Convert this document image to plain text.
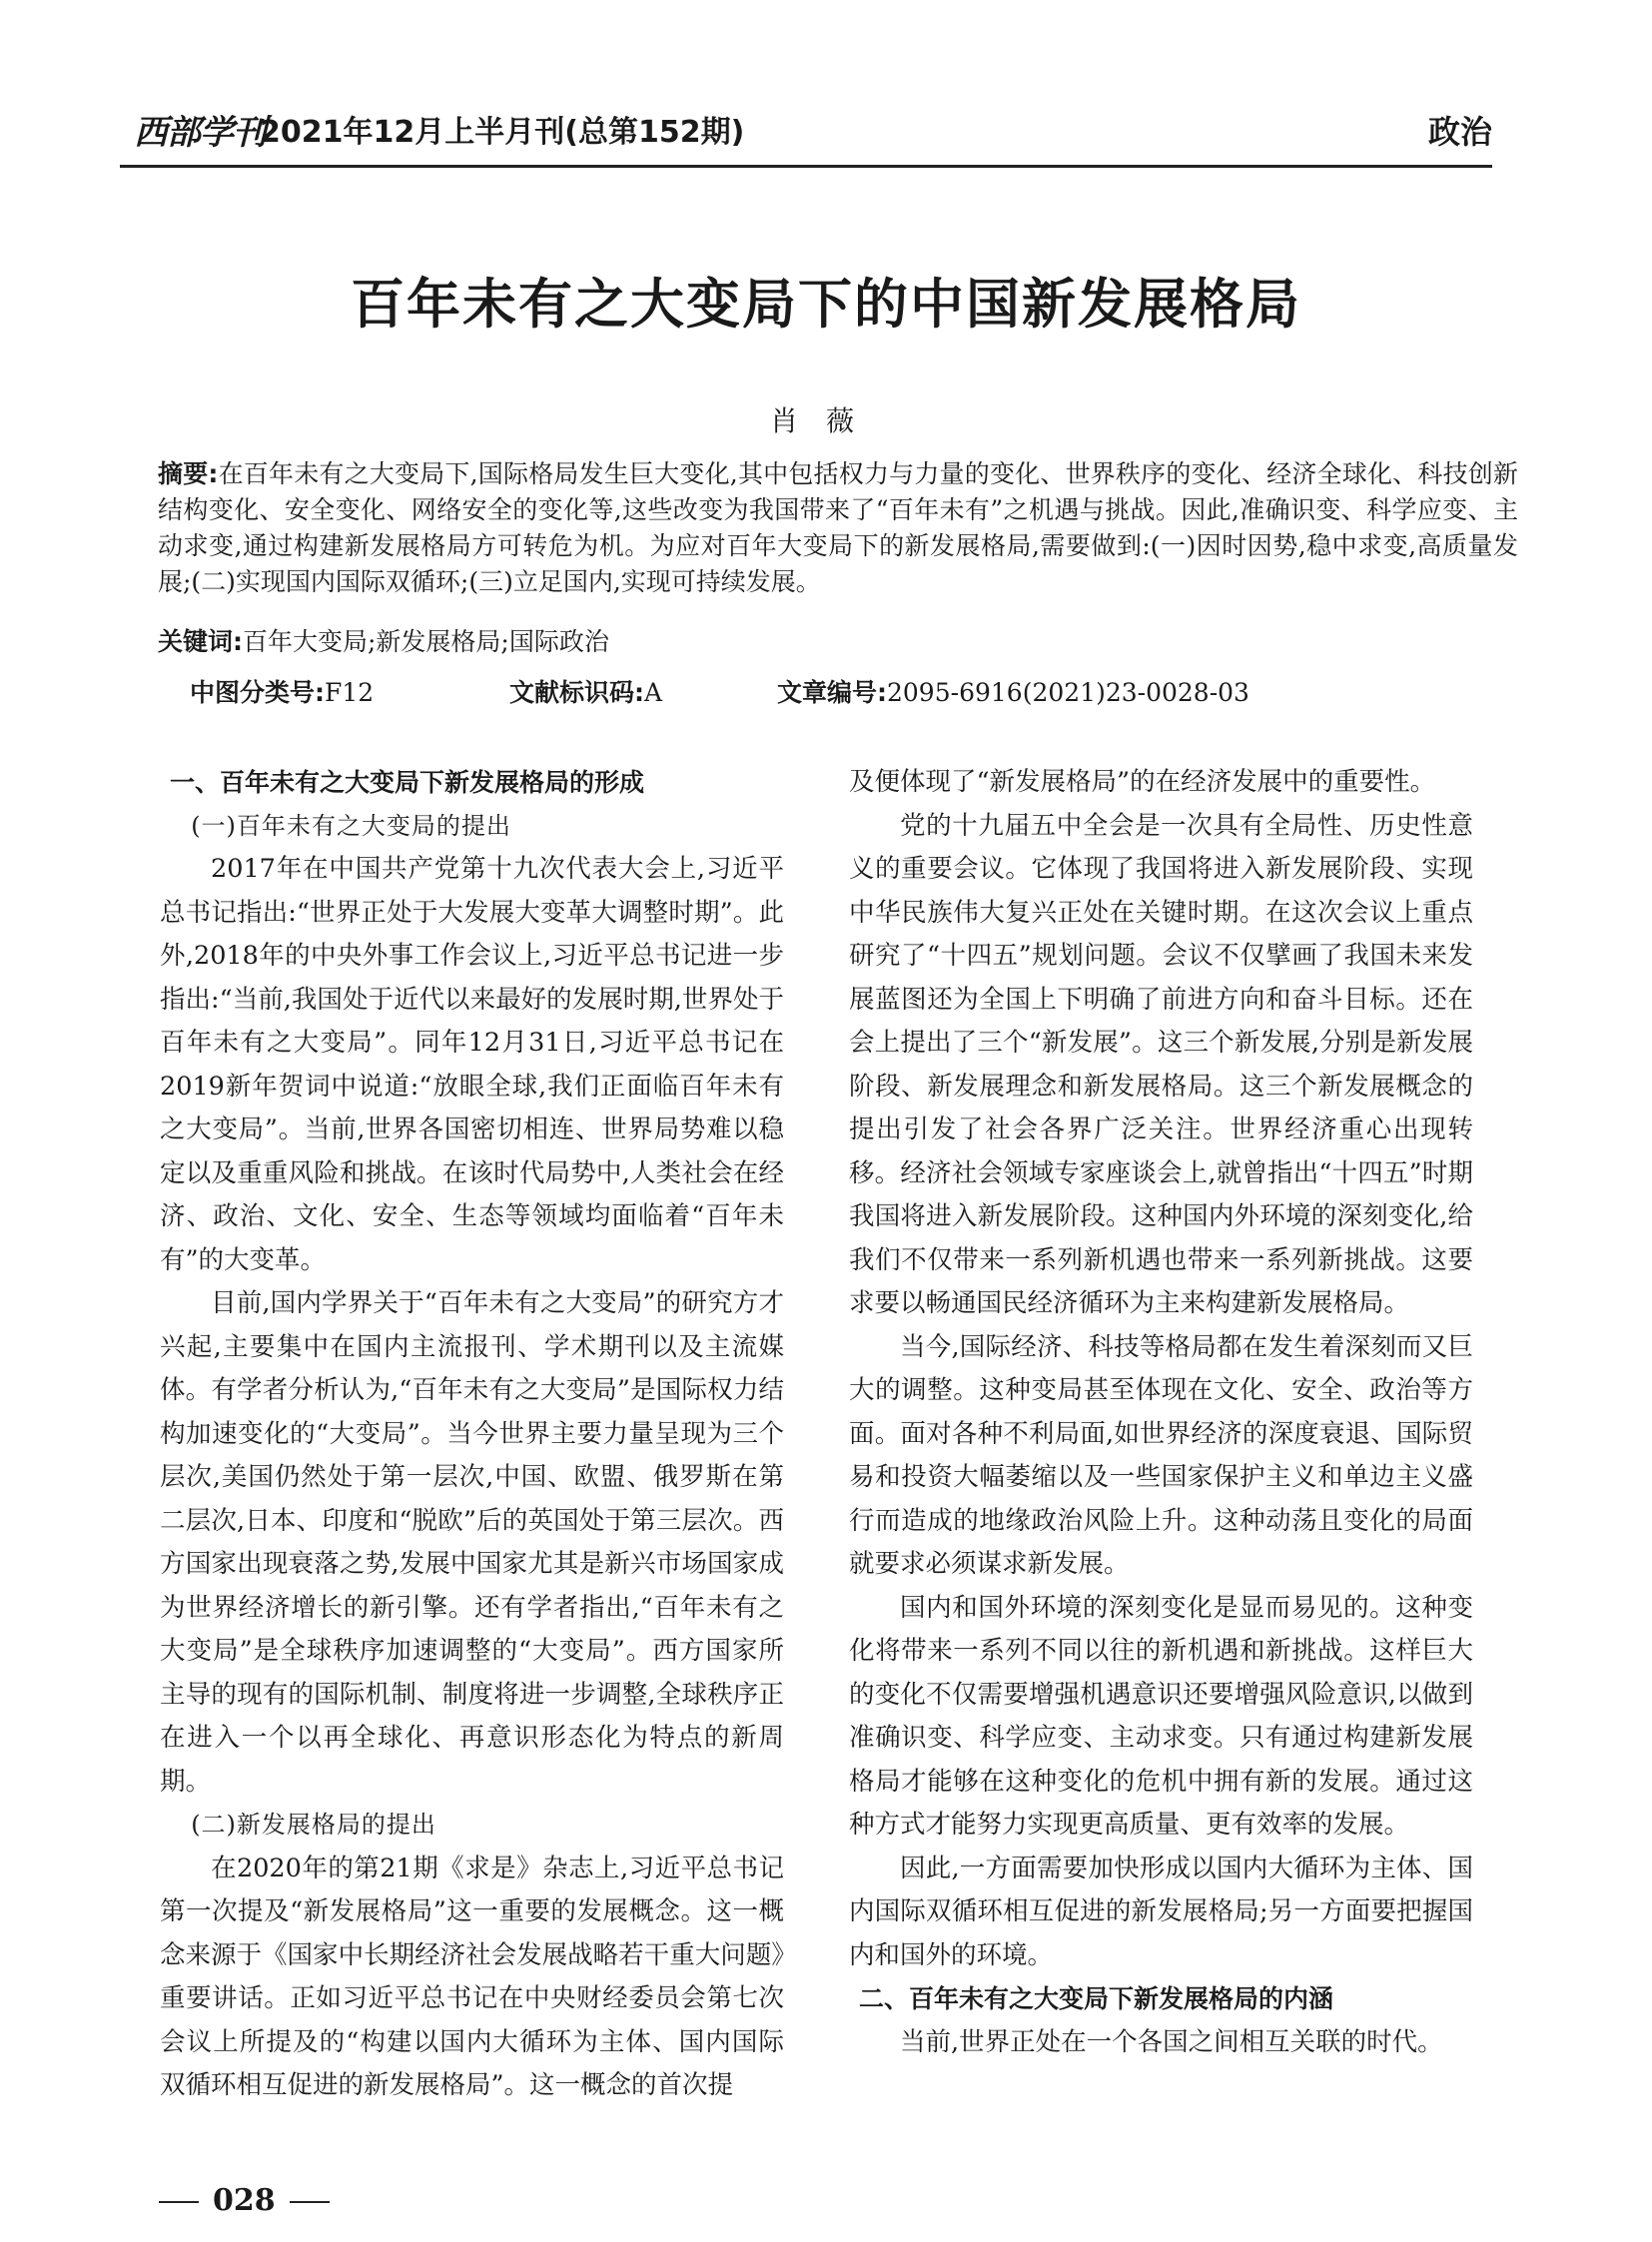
西部学刊
2021年12月上半月刊(总第152期)	政治
百年未有之大变局下的中国新发展格局
肖薇
摘要:在百年未有之大变局下,国际格局发生巨大变化,其中包括权力与力量的变化、世界秩序的变化、经济全球化、科技创新结构变化、安全变化、网络安全的变化等,这些改变为我国带来了“百年未有”之机遇与挑战。因此,准确识变、科学应变、主动求变,通过构建新发展格局方可转危为机。为应对百年大变局下的新发展格局,需要做到:(一)因时因势,稳中求变,高质量发展;(二)实现国内国际双循环;(三)立足国内,实现可持续发展。
关键词:百年大变局;新发展格局;国际政治
中图分类号:F12	文献标识码:A	文章编号:2095-6916(2021)23-0028-03
一、百年未有之大变局下新发展格局的形成
(一)百年未有之大变局的提出

2017年在中国共产党第十九次代表大会上,习近平总书记指出:“世界正处于大发展大变革大调整时期”。此外,2018年的中央外事工作会议上,习近平总书记进一步指出:“当前,我国处于近代以来最好的发展时期,世界处于百年未有之大变局”。同年12月31日,习近平总书记在2019新年贺词中说道:“放眼全球,我们正面临百年未有之大变局”。当前,世界各国密切相连、世界局势难以稳定以及重重风险和挑战。在该时代局势中,人类社会在经济、政治、文化、安全、生态等领域均面临着“百年未有”的大变革。

目前,国内学界关于“百年未有之大变局”的研究方才兴起,主要集中在国内主流报刊、学术期刊以及主流媒体。有学者分析认为,“百年未有之大变局”是国际权力结构加速变化的“大变局”。当今世界主要力量呈现为三个层次,美国仍然处于第一层次,中国、欧盟、俄罗斯在第二层次,日本、印度和“脱欧”后的英国处于第三层次。西方国家出现衰落之势,发展中国家尤其是新兴市场国家成为世界经济增长的新引擎。还有学者指出,“百年未有之大变局”是全球秩序加速调整的“大变局”。西方国家所主导的现有的国际机制、制度将进一步调整,全球秩序正在进入一个以再全球化、再意识形态化为特点的新周期。

(二)新发展格局的提出

在2020年的第21期《求是》杂志上,习近平总书记第一次提及“新发展格局”这一重要的发展概念。这一概念来源于《国家中长期经济社会发展战略若干重大问题》重要讲话。正如习近平总书记在中央财经委员会第七次会议上所提及的“构建以国内大循环为主体、国内国际双循环相互促进的新发展格局”。这一概念的首次提

及便体现了“新发展格局”的在经济发展中的重要性。

党的十九届五中全会是一次具有全局性、历史性意义的重要会议。它体现了我国将进入新发展阶段、实现中华民族伟大复兴正处在关键时期。在这次会议上重点研究了“十四五”规划问题。会议不仅擘画了我国未来发展蓝图还为全国上下明确了前进方向和奋斗目标。还在会上提出了三个“新发展”。这三个新发展,分别是新发展阶段、新发展理念和新发展格局。这三个新发展概念的提出引发了社会各界广泛关注。世界经济重心出现转移。经济社会领域专家座谈会上,就曾指出“十四五”时期我国将进入新发展阶段。这种国内外环境的深刻变化,给我们不仅带来一系列新机遇也带来一系列新挑战。这要求要以畅通国民经济循环为主来构建新发展格局。

当今,国际经济、科技等格局都在发生着深刻而又巨大的调整。这种变局甚至体现在文化、安全、政治等方面。面对各种不利局面,如世界经济的深度衰退、国际贸易和投资大幅萎缩以及一些国家保护主义和单边主义盛行而造成的地缘政治风险上升。这种动荡且变化的局面就要求必须谋求新发展。

国内和国外环境的深刻变化是显而易见的。这种变化将带来一系列不同以往的新机遇和新挑战。这样巨大的变化不仅需要增强机遇意识还要增强风险意识,以做到准确识变、科学应变、主动求变。只有通过构建新发展格局才能够在这种变化的危机中拥有新的发展。通过这种方式才能努力实现更高质量、更有效率的发展。

因此,一方面需要加快形成以国内大循环为主体、国内国际双循环相互促进的新发展格局;另一方面要把握国内和国外的环境。

二、百年未有之大变局下新发展格局的内涵

当前,世界正处在一个各国之间相互关联的时代。

028
